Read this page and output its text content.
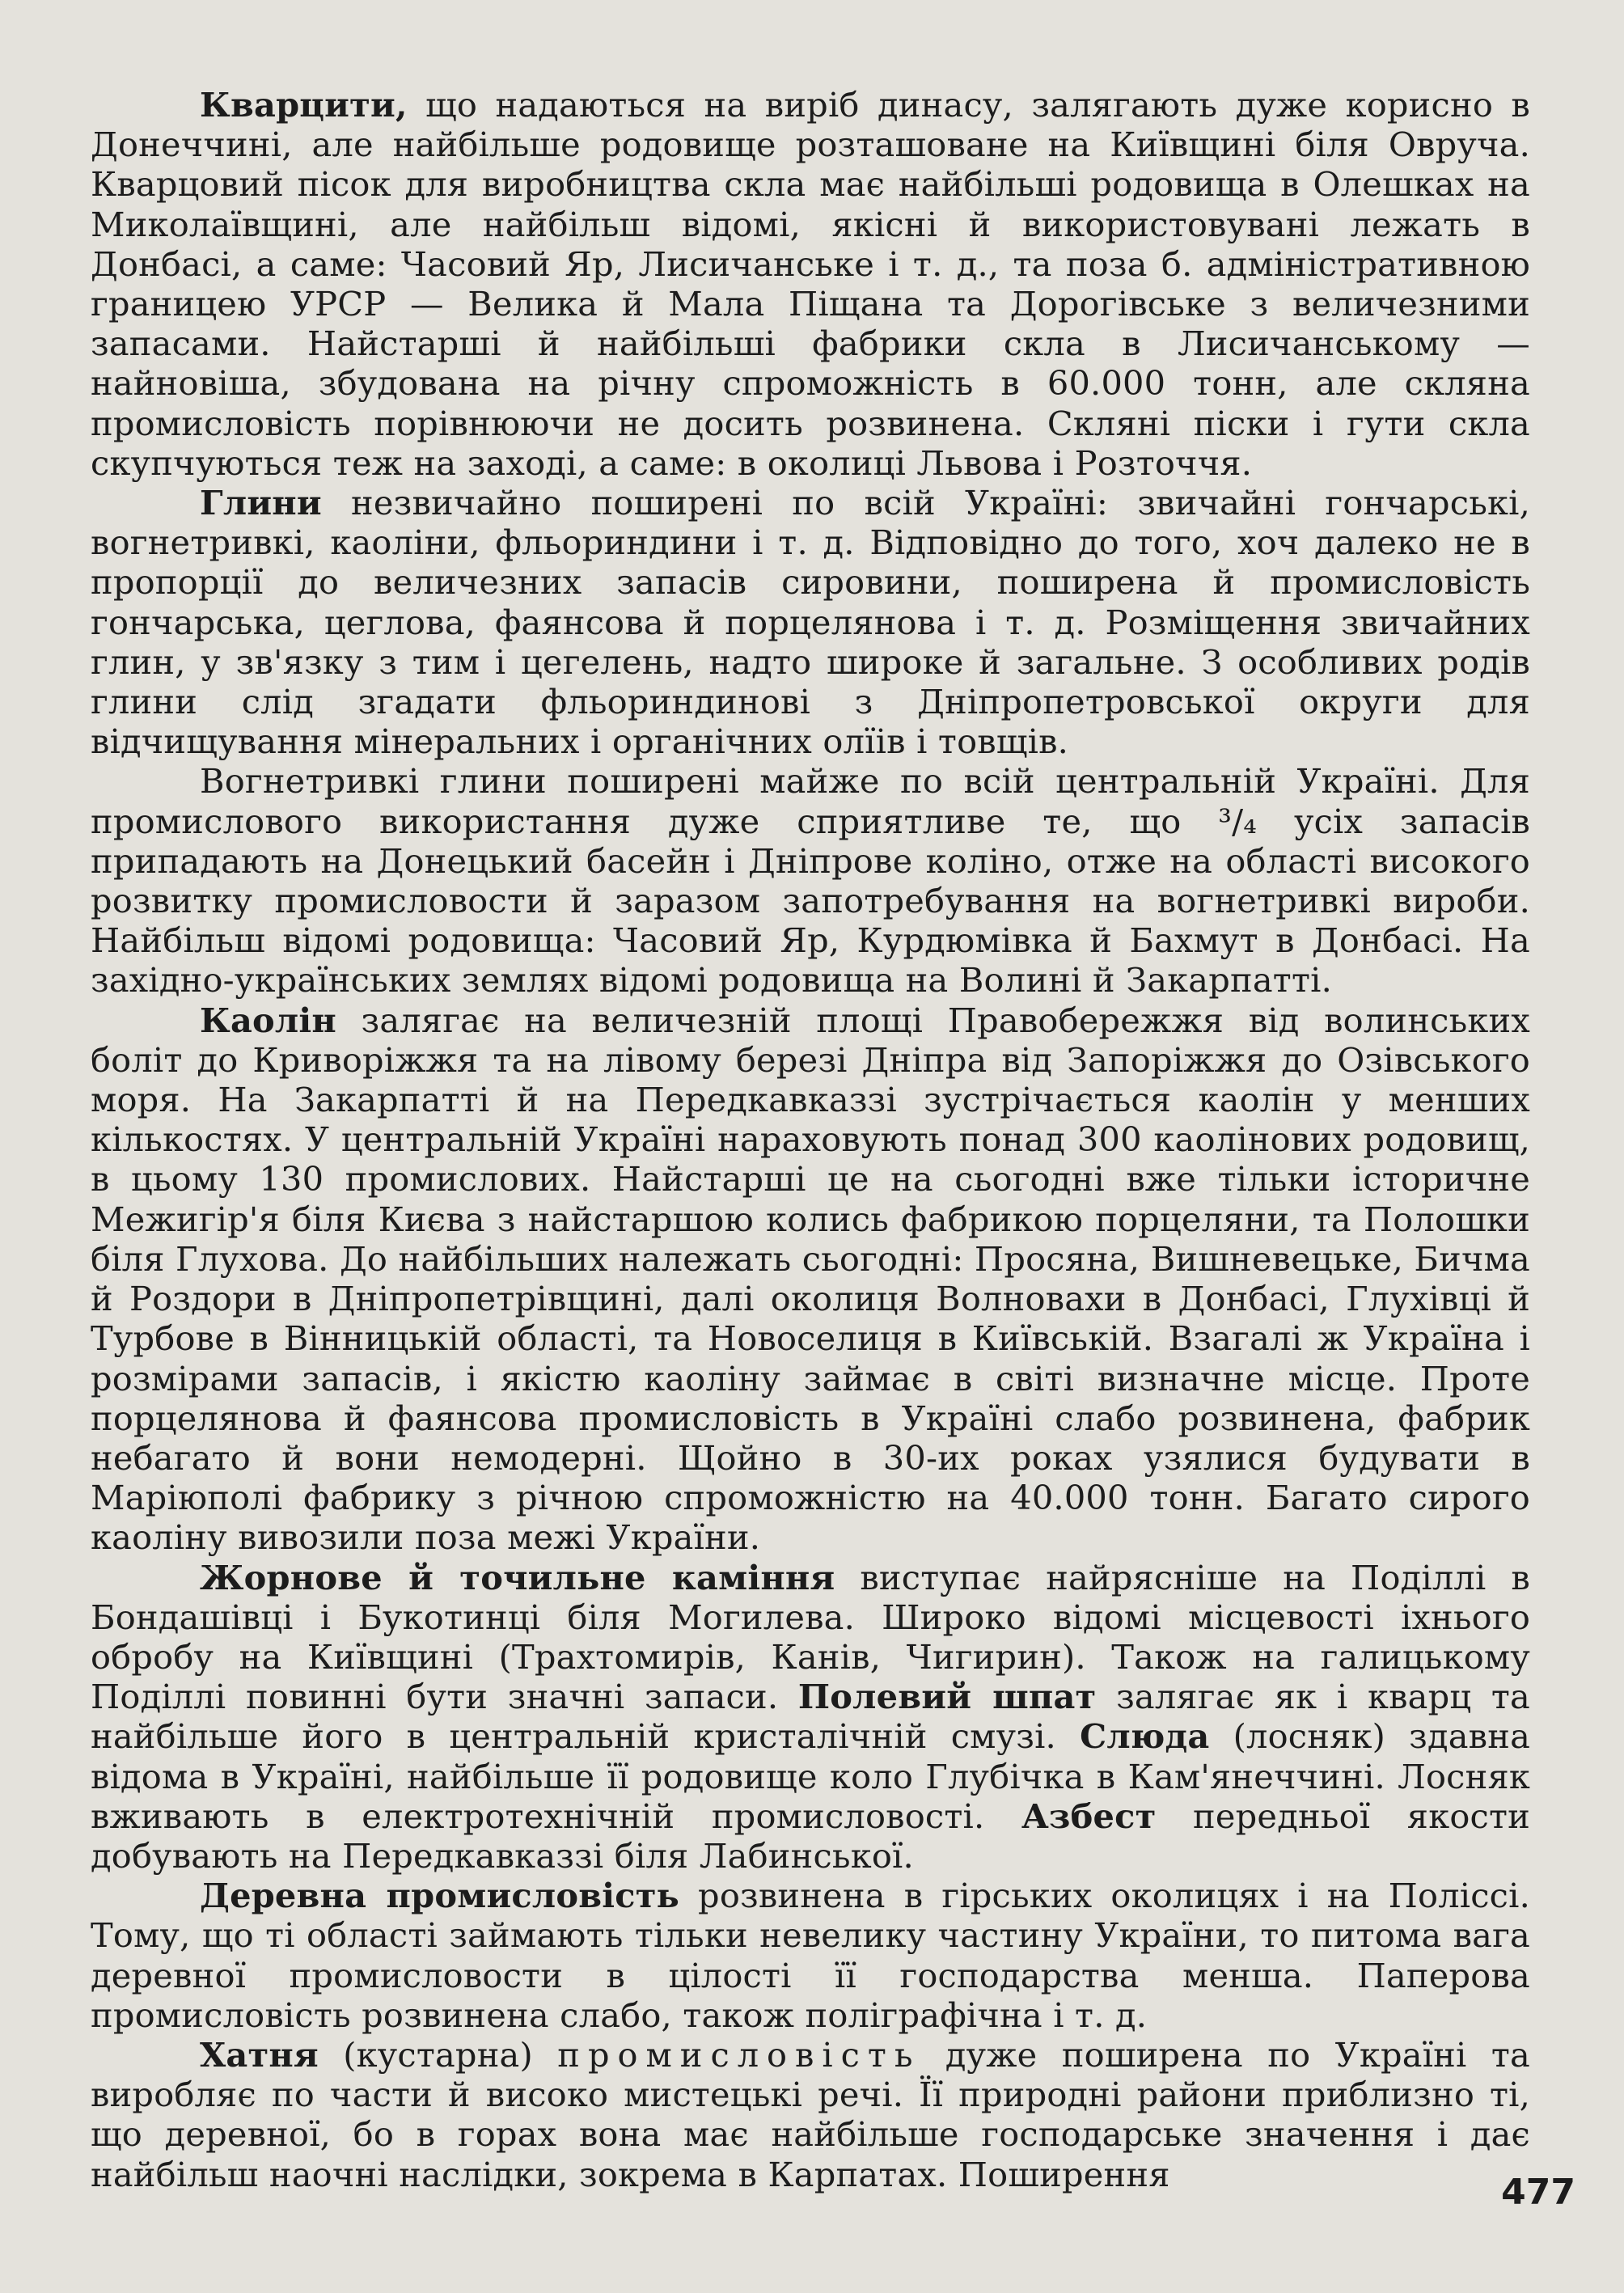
Кварцити, що надаються на виріб динасу, залягають дуже корисно в Донеччині, але найбільше родовище розташоване на Київщині біля Овруча. Кварцовий пісок для виробництва скла має найбільші родовища в Олешках на Миколаївщині, але найбільш відомі, якісні й використовувані лежать в Донбасі, а саме: Часовий Яр, Лисичанське і т. д., та поза б. адміністративною границею УРСР — Велика й Мала Піщана та Дорогівське з величезними запасами. Найстарші й найбільші фабрики скла в Лисичанському — найновіша, збудована на річну спроможність в 60.000 тонн, але скляна промисловість порівнюючи не досить розвинена. Скляні піски і гути скла скупчуються теж на заході, а саме: в околиці Львова і Розточчя.

Глини незвичайно поширені по всій Україні: звичайні гончарські, вогнетривкі, каоліни, фльориндини і т. д. Відповідно до того, хоч далеко не в пропорції до величезних запасів сировини, поширена й промисловість гончарська, цеглова, фаянсова й порцелянова і т. д. Розміщення звичайних глин, у зв'язку з тим і цегелень, надто широке й загальне. З особливих родів глини слід згадати фльориндинові з Дніпропетровської округи для відчищування мінеральних і органічних олїів і товщів.

Вогнетривкі глини поширені майже по всій центральній Україні. Для промислового використання дуже сприятливе те, що ³/₄ усіх запасів припадають на Донецький басейн і Дніпрове коліно, отже на області високого розвитку промисловости й заразом запотребування на вогнетривкі вироби. Найбільш відомі родовища: Часовий Яр, Курдюмівка й Бахмут в Донбасі. На західно-українських землях відомі родовища на Волині й Закарпатті.

Каолін залягає на величезній площі Правобережжя від волинських боліт до Криворіжжя та на лівому березі Дніпра від Запоріжжя до Озівського моря. На Закарпатті й на Передкавказзі зустрічається каолін у менших кількостях. У центральній Україні нараховують понад 300 каолінових родовищ, в цьому 130 промислових. Найстарші це на сьогодні вже тільки історичне Межигір'я біля Києва з найстаршою колись фабрикою порцеляни, та Полошки біля Глухова. До найбільших належать сьогодні: Просяна, Вишневецьке, Бичма й Роздори в Дніпропетрівщині, далі околиця Волновахи в Донбасі, Глухівці й Турбове в Вінницькій області, та Новоселиця в Київській. Взагалі ж Україна і розмірами запасів, і якістю каоліну займає в світі визначне місце. Проте порцелянова й фаянсова промисловість в Україні слабо розвинена, фабрик небагато й вони немодерні. Щойно в 30-их роках узялися будувати в Маріюполі фабрику з річною спроможністю на 40.000 тонн. Багато сирого каоліну вивозили поза межі України.

Жорнове й точильне каміння виступає найрясніше на Поділлі в Бондашівці і Букотинці біля Могилева. Широко відомі місцевості іхнього обробу на Київщині (Трахтомирів, Канів, Чигирин). Також на галицькому Поділлі повинні бути значні запаси. Полевий шпат залягає як і кварц та найбільше його в центральній кристалічній смузі. Слюда (лосняк) здавна відома в Україні, найбільше її родовище коло Глубічка в Кам'янеччині. Лосняк вживають в електротехнічній промисловості. Азбест передньої якости добувають на Передкавказзі біля Лабинської.

Деревна промисловість розвинена в гірських околицях і на Поліссі. Тому, що ті області займають тільки невелику частину України, то питома вага деревної промисловости в цілості її господарства менша. Паперова промисловість розвинена слабо, також поліграфічна і т. д.

Хатня (кустарна) промисловість дуже поширена по Україні та виробляє по части й високо мистецькі речі. Її природні райони приблизно ті, що деревної, бо в горах вона має найбільше господарське значення і дає найбільш наочні наслідки, зокрема в Карпатах. Поширення	477
